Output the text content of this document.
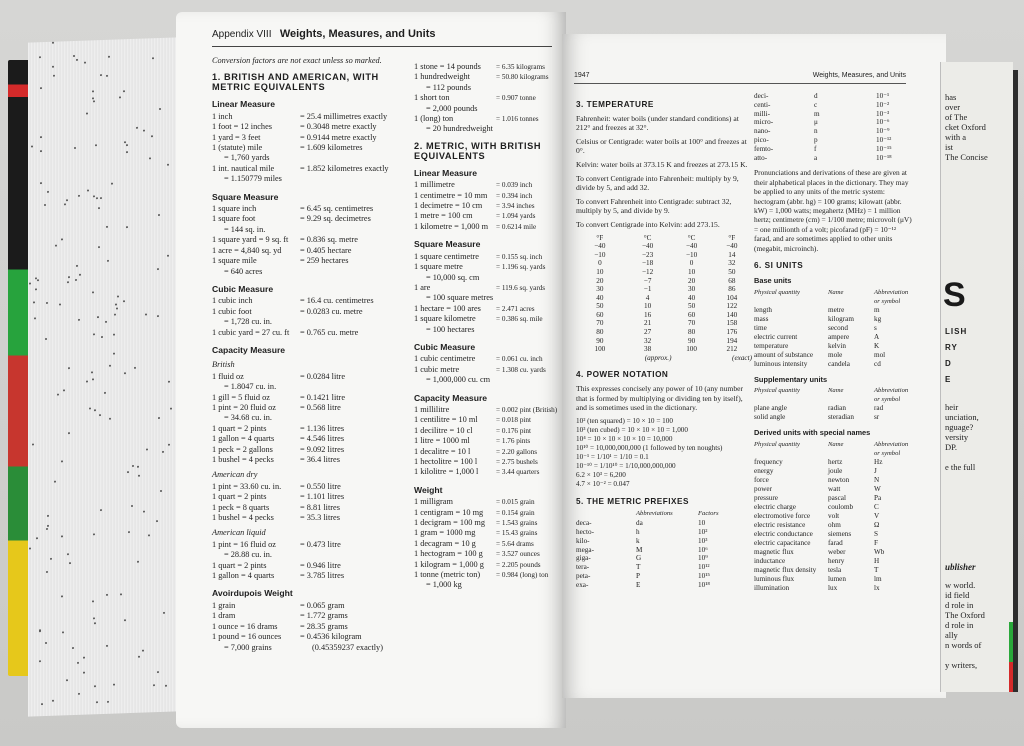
Appendix VIII Weights, Measures, and Units
Conversion factors are not exact unless so marked.
1. BRITISH AND AMERICAN, WITH METRIC EQUIVALENTS
Linear Measure
1 inch	= 25.4 millimetres exactly
1 foot = 12 inches	= 0.3048 metre exactly
1 yard = 3 feet	= 0.9144 metre exactly
1 (statute) mile	= 1.609 kilometres
= 1,760 yards
1 int. nautical mile	= 1.852 kilometres exactly
= 1.150779 miles
Square Measure
1 square inch	= 6.45 sq. centimetres
1 square foot	= 9.29 sq. decimetres
= 144 sq. in.
1 square yard = 9 sq. ft	= 0.836 sq. metre
1 acre = 4,840 sq. yd	= 0.405 hectare
1 square mile	= 259 hectares
= 640 acres
Cubic Measure
1 cubic inch	= 16.4 cu. centimetres
1 cubic foot	= 0.0283 cu. metre
= 1,728 cu. in.
1 cubic yard = 27 cu. ft	= 0.765 cu. metre
Capacity Measure
British
1 fluid oz	= 0.0284 litre
= 1.8047 cu. in.
1 gill = 5 fluid oz	= 0.1421 litre
1 pint = 20 fluid oz	= 0.568 litre
= 34.68 cu. in.
1 quart = 2 pints	= 1.136 litres
1 gallon = 4 quarts	= 4.546 litres
1 peck = 2 gallons	= 9.092 litres
1 bushel = 4 pecks	= 36.4 litres
American dry
1 pint = 33.60 cu. in.	= 0.550 litre
1 quart = 2 pints	= 1.101 litres
1 peck = 8 quarts	= 8.81 litres
1 bushel = 4 pecks	= 35.3 litres
American liquid
1 pint = 16 fluid oz	= 0.473 litre
= 28.88 cu. in.
1 quart = 2 pints	= 0.946 litre
1 gallon = 4 quarts	= 3.785 litres
Avoirdupois Weight
1 grain	= 0.065 gram
1 dram	= 1.772 grams
1 ounce = 16 drams	= 28.35 grams
1 pound = 16 ounces	= 0.4536 kilogram
= 7,000 grains	(0.45359237 exactly)
1 stone = 14 pounds	= 6.35 kilograms
1 hundredweight	= 50.80 kilograms
= 112 pounds
1 short ton	= 0.907 tonne
= 2,000 pounds
1 (long) ton	= 1.016 tonnes
= 20 hundredweight
2. METRIC, WITH BRITISH EQUIVALENTS
Linear Measure
1 millimetre	= 0.039 inch
1 centimetre = 10 mm	= 0.394 inch
1 decimetre = 10 cm	= 3.94 inches
1 metre = 100 cm	= 1.094 yards
1 kilometre = 1,000 m	= 0.6214 mile
Square Measure
1 square centimetre	= 0.155 sq. inch
1 square metre	= 1.196 sq. yards
= 10,000 sq. cm
1 are	= 119.6 sq. yards
= 100 square metres
1 hectare = 100 ares	= 2.471 acres
1 square kilometre	= 0.386 sq. mile
= 100 hectares
Cubic Measure
1 cubic centimetre	= 0.061 cu. inch
1 cubic metre	= 1.308 cu. yards
= 1,000,000 cu. cm
Capacity Measure
1 millilitre	= 0.002 pint (British)
1 centilitre = 10 ml	= 0.018 pint
1 decilitre = 10 cl	= 0.176 pint
1 litre = 1000 ml	= 1.76 pints
1 decalitre = 10 l	= 2.20 gallons
1 hectolitre = 100 l	= 2.75 bushels
1 kilolitre = 1,000 l	= 3.44 quarters
Weight
1 milligram	= 0.015 grain
1 centigram = 10 mg	= 0.154 grain
1 decigram = 100 mg	= 1.543 grains
1 gram = 1000 mg	= 15.43 grains
1 decagram = 10 g	= 5.64 drams
1 hectogram = 100 g	= 3.527 ounces
1 kilogram = 1,000 g	= 2.205 pounds
1 tonne (metric ton)	= 0.984 (long) ton
= 1,000 kg
1947	Weights, Measures, and Units
3. TEMPERATURE

Fahrenheit: water boils (under standard conditions) at 212° and freezes at 32°.

Celsius or Centigrade: water boils at 100° and freezes at 0°.

Kelvin: water boils at 373.15 K and freezes at 273.15 K.

To convert Centigrade into Fahrenheit: multiply by 9, divide by 5, and add 32.

To convert Fahrenheit into Centigrade: subtract 32, multiply by 5, and divide by 9.

To convert Centigrade into Kelvin: add 273.15.

°F	°C	°C	°F
−40	−40	−40	−40
−10	−23	−10	14
0	−18	0	32
10	−12	10	50
20	−7	20	68
30	−1	30	86
40	4	40	104
50	10	50	122
60	16	60	140
70	21	70	158
80	27	80	176
90	32	90	194
100	38	100	212
(approx.)		(exact)	
4. POWER NOTATION

This expresses concisely any power of 10 (any number that is formed by multiplying or dividing ten by itself), and is sometimes used in the dictionary.

10² (ten squared) = 10 × 10 = 100
10³ (ten cubed) = 10 × 10 × 10 = 1,000
10⁴ = 10 × 10 × 10 × 10 = 10,000
10¹⁰ = 10,000,000,000 (1 followed by ten noughts)
10⁻¹ = 1/10¹ = 1/10 = 0.1
10⁻¹⁰ = 1/10¹⁰ = 1/10,000,000,000
6.2 × 10³ = 6,200
4.7 × 10⁻² = 0.047
5. THE METRIC PREFIXES
Abbreviations	Factors
deca-	da	10
hecto-	h	10²
kilo-	k	10³
mega-	M	10⁶
giga-	G	10⁹
tera-	T	10¹²
peta-	P	10¹⁵
exa-	E	10¹⁸
deci-	d	10⁻¹
centi-	c	10⁻²
milli-	m	10⁻³
micro-	μ	10⁻⁶
nano-	n	10⁻⁹
pico-	p	10⁻¹²
femto-	f	10⁻¹⁵
atto-	a	10⁻¹⁸

Pronunciations and derivations of these are given at their alphabetical places in the dictionary. They may be applied to any units of the metric system: hectogram (abbr. hg) = 100 grams; kilowatt (abbr. kW) = 1,000 watts; megahertz (MHz) = 1 million hertz; centimetre (cm) = 1/100 metre; microvolt (μV) = one millionth of a volt; picofarad (pF) = 10⁻¹² farad, and are sometimes applied to other units (megabit, microinch).

6. SI UNITS
Base units
Physical quantity	Name	Abbreviation or symbol
length	metre	m
mass	kilogram	kg
time	second	s
electric current	ampere	A
temperature	kelvin	K
amount of substance	mole	mol
luminous intensity	candela	cd
Supplementary units
Physical quantity	Name	Abbreviation or symbol
plane angle	radian	rad
solid angle	steradian	sr
Derived units with special names
Physical quantity	Name	Abbreviation or symbol
frequency	hertz	Hz
energy	joule	J
force	newton	N
power	watt	W
pressure	pascal	Pa
electric charge	coulomb	C
electromotive force	volt	V
electric resistance	ohm	Ω
electric conductance	siemens	S
electric capacitance	farad	F
magnetic flux	weber	Wb
inductance	henry	H
magnetic flux density	tesla	T
luminous flux	lumen	lm
illumination	lux	lx
has
over
of The
cket Oxford
with a
ist
The Concise
S
LISH
RY
D
E
heir
unciation,
nguage?
versity
DP.

e the full
ublisher
w world.
id field
d role in
The Oxford
d role in
ally
n words of

y writers,
